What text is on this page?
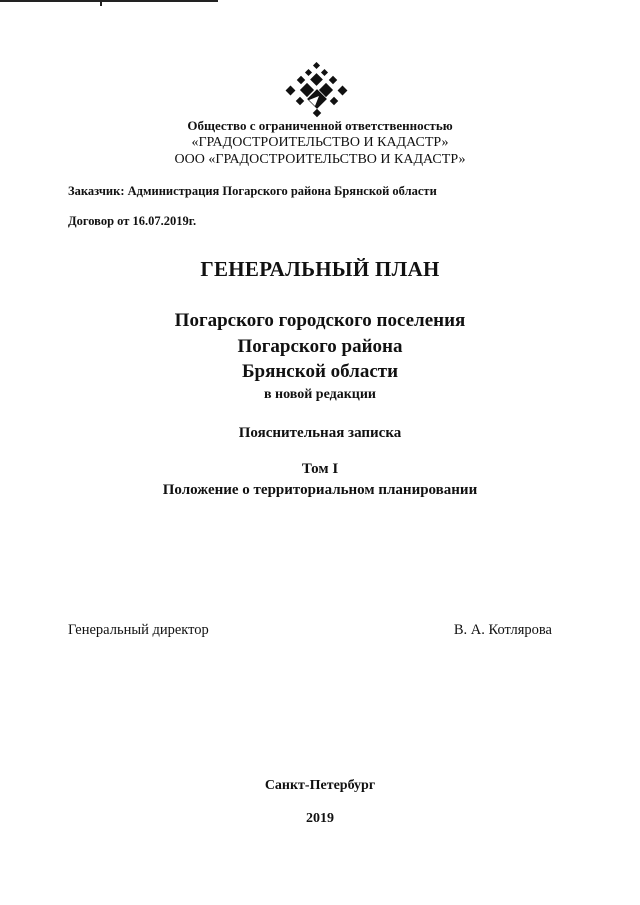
Общество с ограниченной ответственностью
«ГРАДОСТРОИТЕЛЬСТВО И КАДАСТР»
ООО «ГРАДОСТРОИТЕЛЬСТВО И КАДАСТР»
Заказчик: Администрация Погарского района Брянской области
Договор от 16.07.2019г.
ГЕНЕРАЛЬНЫЙ ПЛАН
Погарского городского поселения
Погарского района
Брянской области
в новой редакции
Пояснительная записка
Том I
Положение о территориальном планировании
Генеральный директор	В. А. Котлярова
Санкт-Петербург
2019
